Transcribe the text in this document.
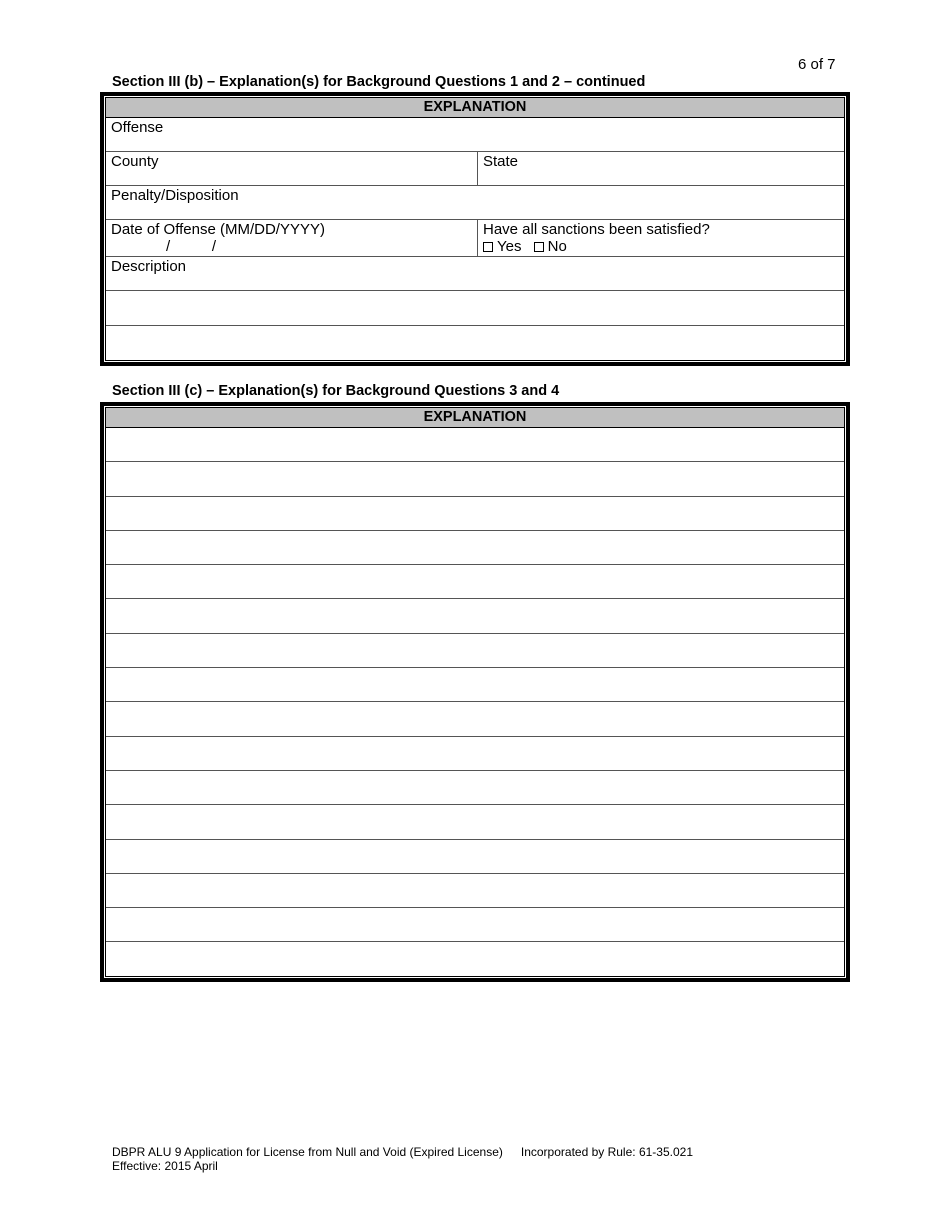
6 of 7
Section III (b) – Explanation(s) for Background Questions 1 and 2 – continued
EXPLANATION
Offense
County	State
Penalty/Disposition
Date of Offense (MM/DD/YYYY)
/          /
Have all sanctions been satisfied?
Yes No
Description
Section III (c) – Explanation(s) for Background Questions 3 and 4
EXPLANATION
DBPR ALU 9 Application for License from Null and Void (Expired License) Incorporated by Rule: 61-35.021
Effective: 2015 April
